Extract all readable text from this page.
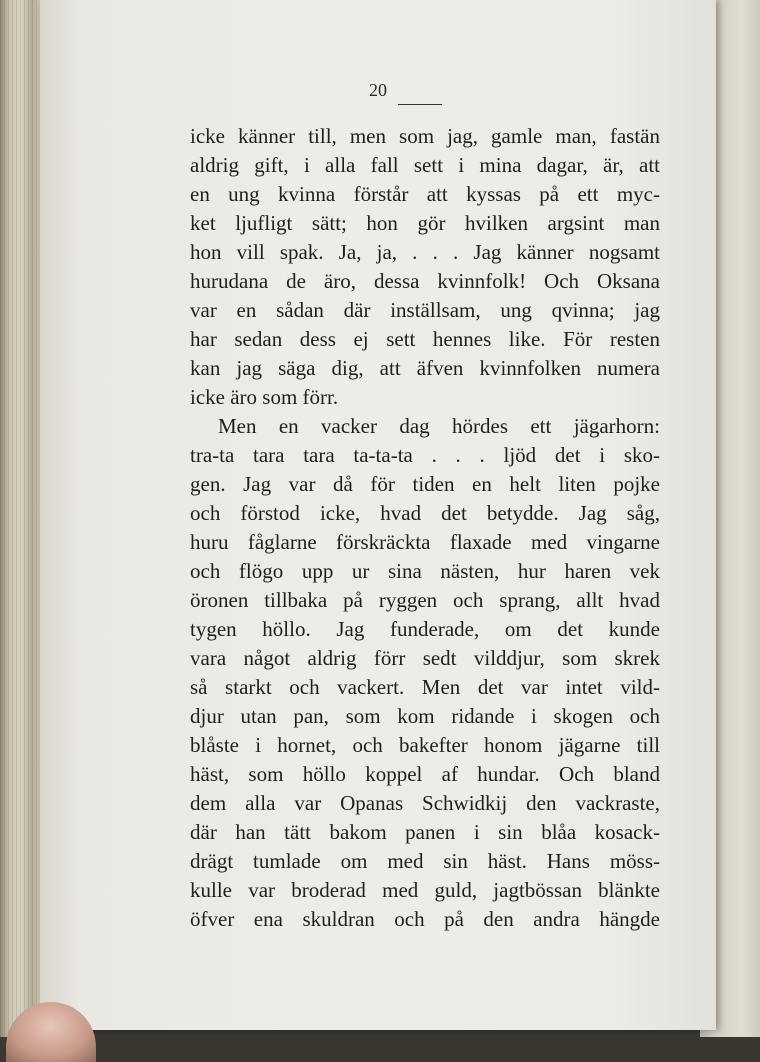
20
icke känner till, men som jag, gamle man, fastän
aldrig gift, i alla fall sett i mina dagar, är, att
en ung kvinna förstår att kyssas på ett myc-
ket ljufligt sätt; hon gör hvilken argsint man
hon vill spak. Ja, ja, . . . Jag känner nogsamt
hurudana de äro, dessa kvinnfolk! Och Oksana
var en sådan där inställsam, ung qvinna; jag
har sedan dess ej sett hennes like. För resten
kan jag säga dig, att äfven kvinnfolken numera
icke äro som förr.
Men en vacker dag hördes ett jägarhorn:
tra-ta tara tara ta-ta-ta . . . ljöd det i sko-
gen. Jag var då för tiden en helt liten pojke
och förstod icke, hvad det betydde. Jag såg,
huru fåglarne förskräckta flaxade med vingarne
och flögo upp ur sina nästen, hur haren vek
öronen tillbaka på ryggen och sprang, allt hvad
tygen höllo. Jag funderade, om det kunde
vara något aldrig förr sedt vilddjur, som skrek
så starkt och vackert. Men det var intet vild-
djur utan pan, som kom ridande i skogen och
blåste i hornet, och bakefter honom jägarne till
häst, som höllo koppel af hundar. Och bland
dem alla var Opanas Schwidkij den vackraste,
där han tätt bakom panen i sin blåa kosack-
drägt tumlade om med sin häst. Hans möss-
kulle var broderad med guld, jagtbössan blänkte
öfver ena skuldran och på den andra hängde
